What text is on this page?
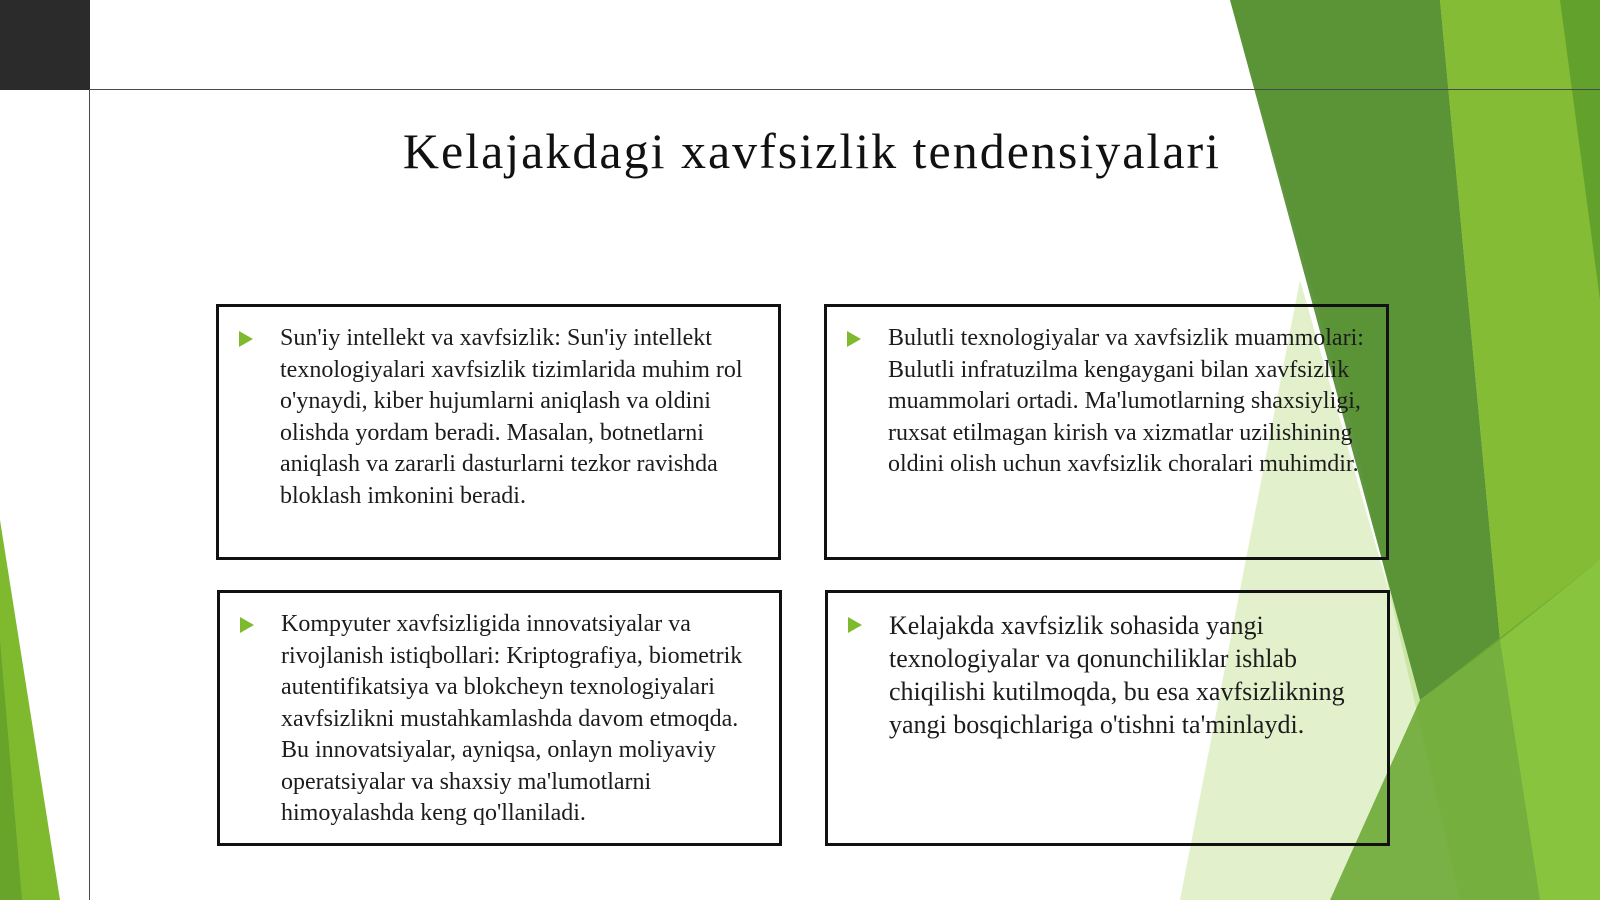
Kelajakdagi xavfsizlik tendensiyalari
Sun'iy intellekt va xavfsizlik: Sun'iy intellekt texnologiyalari xavfsizlik tizimlarida muhim rol o'ynaydi, kiber hujumlarni aniqlash va oldini olishda yordam beradi. Masalan, botnetlarni aniqlash va zararli dasturlarni tezkor ravishda bloklash imkonini beradi.
Bulutli texnologiyalar va xavfsizlik muammolari: Bulutli infratuzilma kengaygani bilan xavfsizlik muammolari ortadi. Ma'lumotlarning shaxsiyligi, ruxsat etilmagan kirish va xizmatlar uzilishining oldini olish uchun xavfsizlik choralari muhimdir.
Kompyuter xavfsizligida innovatsiyalar va rivojlanish istiqbollari: Kriptografiya, biometrik autentifikatsiya va blokcheyn texnologiyalari xavfsizlikni mustahkamlashda davom etmoqda. Bu innovatsiyalar, ayniqsa, onlayn moliyaviy operatsiyalar va shaxsiy ma'lumotlarni himoyalashda keng qo'llaniladi.
Kelajakda xavfsizlik sohasida yangi texnologiyalar va qonunchiliklar ishlab chiqilishi kutilmoqda, bu esa xavfsizlikning yangi bosqichlariga o'tishni ta'minlaydi.
